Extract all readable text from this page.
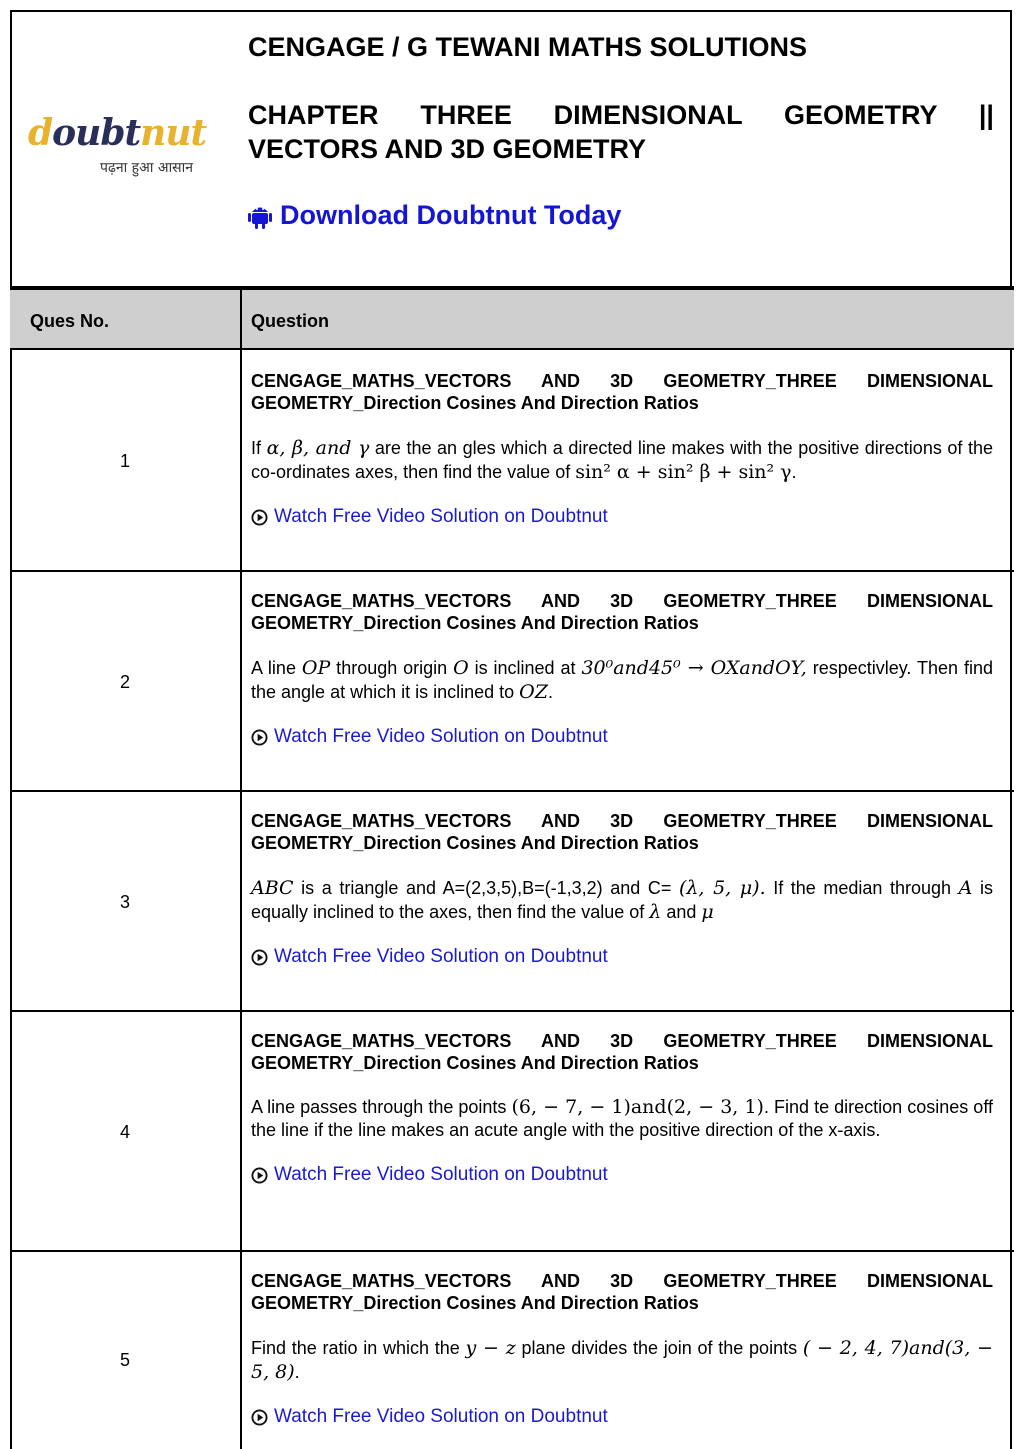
doubtnut
पढ़ना हुआ आसान
CENGAGE / G TEWANI MATHS SOLUTIONS
CHAPTER THREE DIMENSIONAL GEOMETRY || VECTORS AND 3D GEOMETRY
Download Doubtnut Today
Ques No.	Question
1
CENGAGE_MATHS_VECTORS AND 3D GEOMETRY_THREE DIMENSIONAL GEOMETRY_Direction Cosines And Direction Ratios
If α, β, and γ are the an gles which a directed line makes with the positive directions of the co-ordinates axes, then find the value of sin² α + sin² β + sin² γ.
Watch Free Video Solution on Doubtnut
2
CENGAGE_MATHS_VECTORS AND 3D GEOMETRY_THREE DIMENSIONAL GEOMETRY_Direction Cosines And Direction Ratios
A line OP through origin O is inclined at 30⁰and45⁰ → OXandOY, respectivley. Then find the angle at which it is inclined to OZ.
Watch Free Video Solution on Doubtnut
3
CENGAGE_MATHS_VECTORS AND 3D GEOMETRY_THREE DIMENSIONAL GEOMETRY_Direction Cosines And Direction Ratios
ABC is a triangle and A=(2,3,5),B=(-1,3,2) and C= (λ, 5, μ). If the median through A is equally inclined to the axes, then find the value of λ and μ
Watch Free Video Solution on Doubtnut
4
CENGAGE_MATHS_VECTORS AND 3D GEOMETRY_THREE DIMENSIONAL GEOMETRY_Direction Cosines And Direction Ratios
A line passes through the points (6, − 7, − 1)and(2, − 3, 1). Find te direction cosines off the line if the line makes an acute angle with the positive direction of the x-axis.
Watch Free Video Solution on Doubtnut
5
CENGAGE_MATHS_VECTORS AND 3D GEOMETRY_THREE DIMENSIONAL GEOMETRY_Direction Cosines And Direction Ratios
Find the ratio in which the y − z plane divides the join of the points ( − 2, 4, 7)and(3, − 5, 8).
Watch Free Video Solution on Doubtnut
